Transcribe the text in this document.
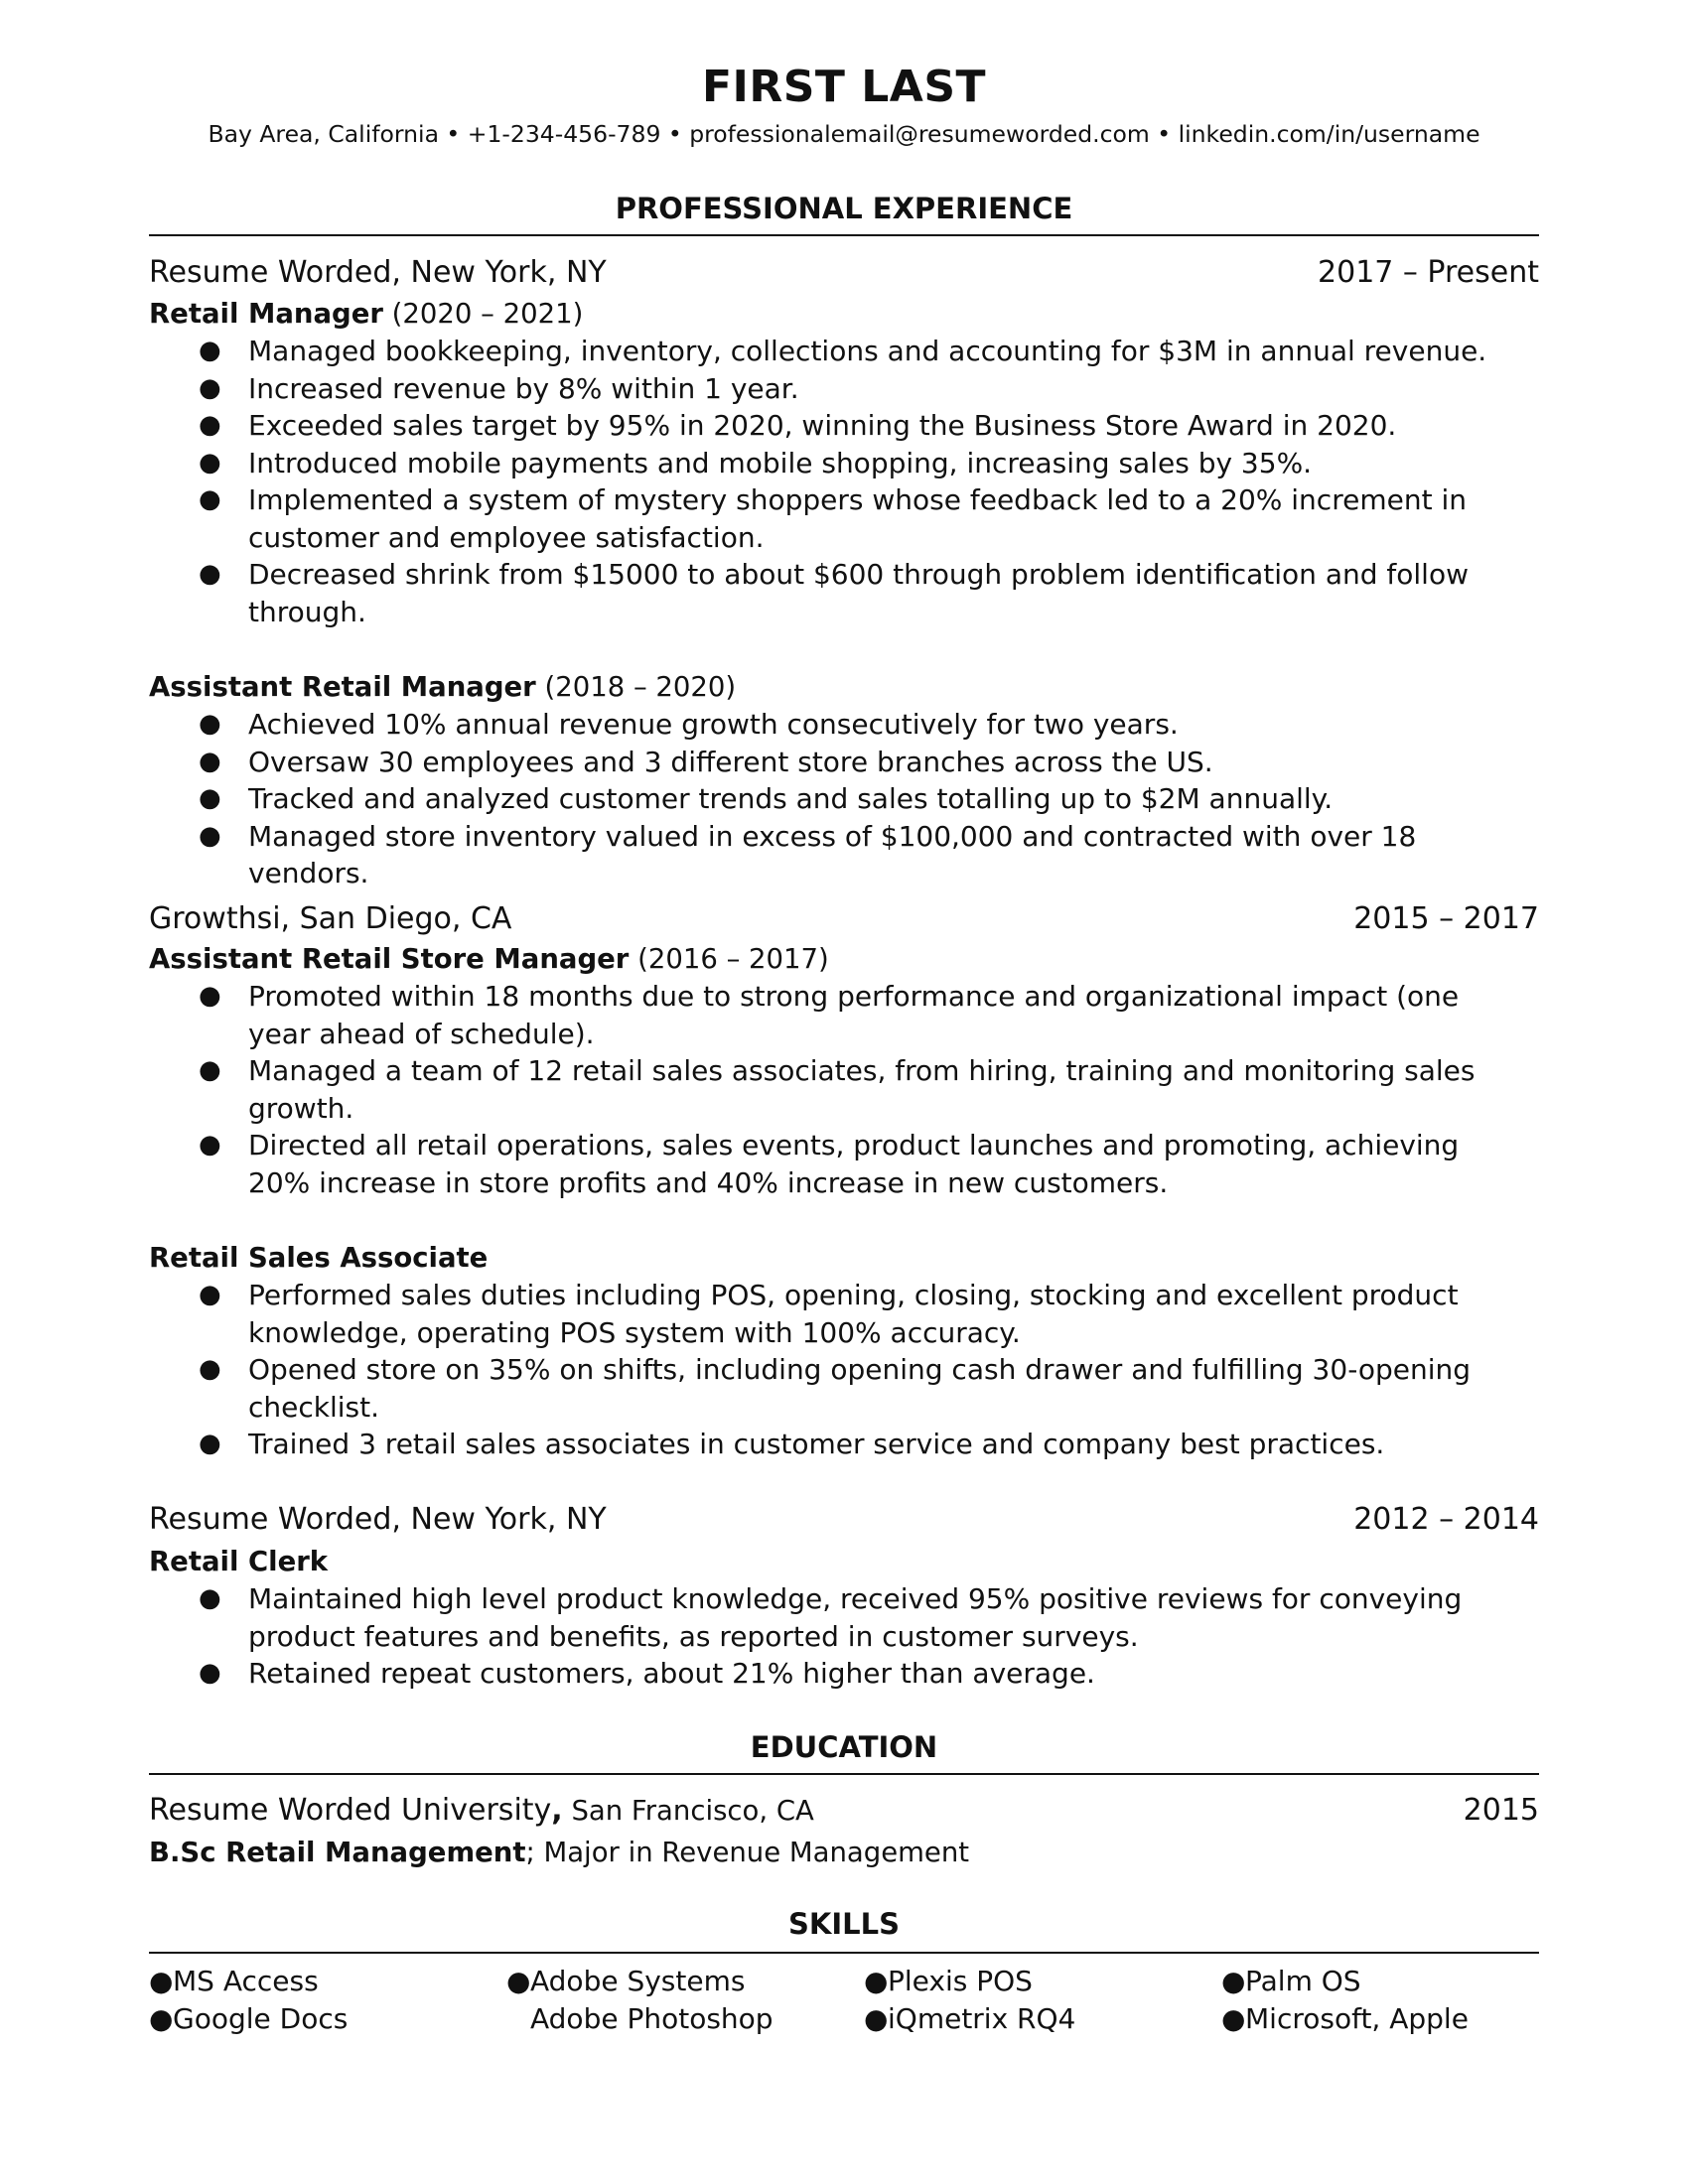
FIRST LAST
Bay Area, California • +1-234-456-789 • professionalemail@resumeworded.com • linkedin.com/in/username
PROFESSIONAL EXPERIENCE
Resume Worded, New York, NY	2017 – Present
Retail Manager (2020 – 2021)
● Managed bookkeeping, inventory, collections and accounting for $3M in annual revenue.
● Increased revenue by 8% within 1 year.
● Exceeded sales target by 95% in 2020, winning the Business Store Award in 2020.
● Introduced mobile payments and mobile shopping, increasing sales by 35%.
● Implemented a system of mystery shoppers whose feedback led to a 20% increment in customer and employee satisfaction.
● Decreased shrink from $15000 to about $600 through problem identification and follow through.
Assistant Retail Manager (2018 – 2020)
● Achieved 10% annual revenue growth consecutively for two years.
● Oversaw 30 employees and 3 different store branches across the US.
● Tracked and analyzed customer trends and sales totalling up to $2M annually.
● Managed store inventory valued in excess of $100,000 and contracted with over 18 vendors.
Growthsi, San Diego, CA	2015 – 2017
Assistant Retail Store Manager (2016 – 2017)
● Promoted within 18 months due to strong performance and organizational impact (one year ahead of schedule).
● Managed a team of 12 retail sales associates, from hiring, training and monitoring sales growth.
● Directed all retail operations, sales events, product launches and promoting, achieving 20% increase in store profits and 40% increase in new customers.
Retail Sales Associate
● Performed sales duties including POS, opening, closing, stocking and excellent product knowledge, operating POS system with 100% accuracy.
● Opened store on 35% on shifts, including opening cash drawer and fulfilling 30-opening checklist.
● Trained 3 retail sales associates in customer service and company best practices.
Resume Worded, New York, NY	2012 – 2014
Retail Clerk
● Maintained high level product knowledge, received 95% positive reviews for conveying product features and benefits, as reported in customer surveys.
● Retained repeat customers, about 21% higher than average.
EDUCATION
Resume Worded University, San Francisco, CA	2015
B.Sc Retail Management; Major in Revenue Management
SKILLS
●MS Access	●Adobe Systems	●Plexis POS	●Palm OS
●Google Docs	Adobe Photoshop	●iQmetrix RQ4	●Microsoft, Apple
